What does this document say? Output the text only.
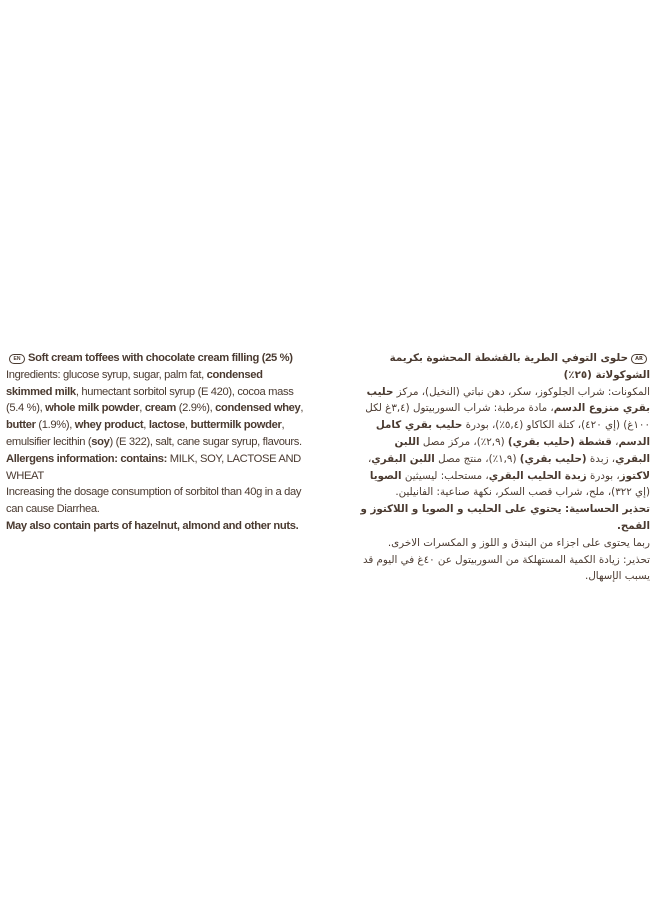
EN Soft cream toffees with chocolate cream filling (25 %)

Ingredients: glucose syrup, sugar, palm fat, condensed skimmed milk, humectant sorbitol syrup (E 420), cocoa mass (5.4 %), whole milk powder, cream (2.9%), condensed whey, butter (1.9%), whey product, lactose, buttermilk powder, emulsifier lecithin (soy) (E 322), salt, cane sugar syrup, flavours.

Allergens information: contains: MILK, SOY, LACTOSE AND WHEAT

Increasing the dosage consumption of sorbitol than 40g in a day can cause Diarrhea.

May also contain parts of hazelnut, almond and other nuts.

ARحلوى التوفي الطرية بالقشطة المحشوة بكريمة الشوكولاتة (٢٥٪)

المكونات: شراب الجلوكوز، سكر، دهن نباتي (النخيل)، مركز حليب بقري منزوع الدسم، مادة مرطبة: شراب السوربيتول (٣,٤غ لكل ١٠٠غ) (إي ٤٢٠)، كتلة الكاكاو (٥,٤٪)، بودرة حليب بقري كامل الدسم، قشطة (حليب بقري) (٢,٩٪)، مركز مصل اللبن البقري، زبدة (حليب بقري) (١,٩٪)، منتج مصل اللبن البقري، لاكتوز، بودرة زبدة الحليب البقري، مستحلب: ليسيثين الصويا (إي ٣٢٢)، ملح، شراب قصب السكر، نكهة صناعية: الفانيلين.

تحذير الحساسية: يحتوي على الحليب و الصويا و اللاكتوز و القمح.

ربما يحتوى على اجزاء من البندق و اللوز و المكسرات الاخرى.

تحذير: زيادة الكمية المستهلكة من السوربيتول عن ٤٠غ في اليوم قد يسبب الإسهال.
